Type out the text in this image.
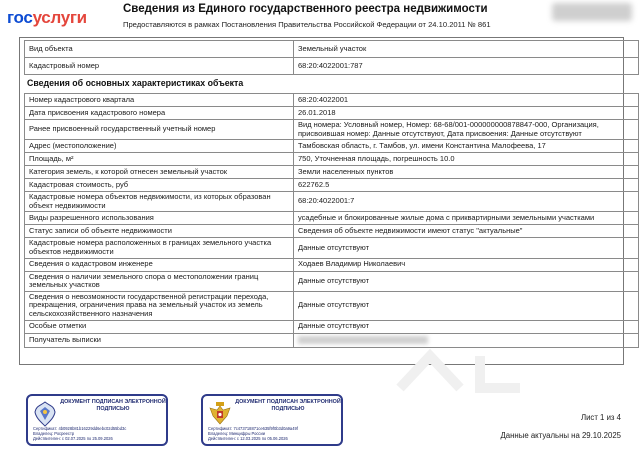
госуслуги	Сведения из Единого государственного реестра недвижимости
Предоставляются в рамках Постановления Правительства Российской Федерации от 24.10.2011 № 861
Вид объекта	Земельный участок
Кадастровый номер	68:20:4022001:787
Сведения об основных характеристиках объекта
Номер кадастрового квартала	68:20:4022001
Дата присвоения кадастрового номера	26.01.2018
Ранее присвоенный государственный учетный номер	Вид номера: Условный номер, Номер: 68-68/001-000000000878847-000, Организация, присвоившая номер: Данные отсутствуют, Дата присвоения: Данные отсутствуют
Адрес (местоположение)	Тамбовская область, г. Тамбов, ул. имени Константина Малофеева, 17
Площадь, м²	750, Уточненная площадь, погрешность 10.0
Категория земель, к которой отнесен земельный участок	Земли населенных пунктов
Кадастровая стоимость, руб	622762.5
Кадастровые номера объектов недвижимости, из которых образован объект недвижимости	68:20:4022001:7
Виды разрешенного использования	усадебные и блокированные жилые дома с приквартирными земельными участками
Статус записи об объекте недвижимости	Сведения об объекте недвижимости имеют статус "актуальные"
Кадастровые номера расположенных в границах земельного участка объектов недвижимости	Данные отсутствуют
Сведения о кадастровом инженере	Ходаев Владимир Николаевич
Сведения о наличии земельного спора о местоположении границ земельных участков	Данные отсутствуют
Сведения о невозможности государственной регистрации перехода, прекращения, ограничения права на земельный участок из земель сельскохозяйственного назначения	Данные отсутствуют
Особые отметки	Данные отсутствуют
Получатель выписки	
ДОКУМЕНТ ПОДПИСАН ЭЛЕКТРОННОЙ ПОДПИСЬЮ
Сертификат: 4b0928b81b16229dd6ebc02d55bd3c
Владелец: Росреестр
Действителен: с 02.07.2025 по 25.09.2026
ДОКУМЕНТ ПОДПИСАН ЭЛЕКТРОННОЙ ПОДПИСЬЮ
Сертификат: 7c473718871ce635f9f0b3d0a9a49f
Владелец: Минцифры России
Действителен: с 12.03.2025 по 05.06.2026
Лист 1 из 4
Данные актуальны на 29.10.2025
